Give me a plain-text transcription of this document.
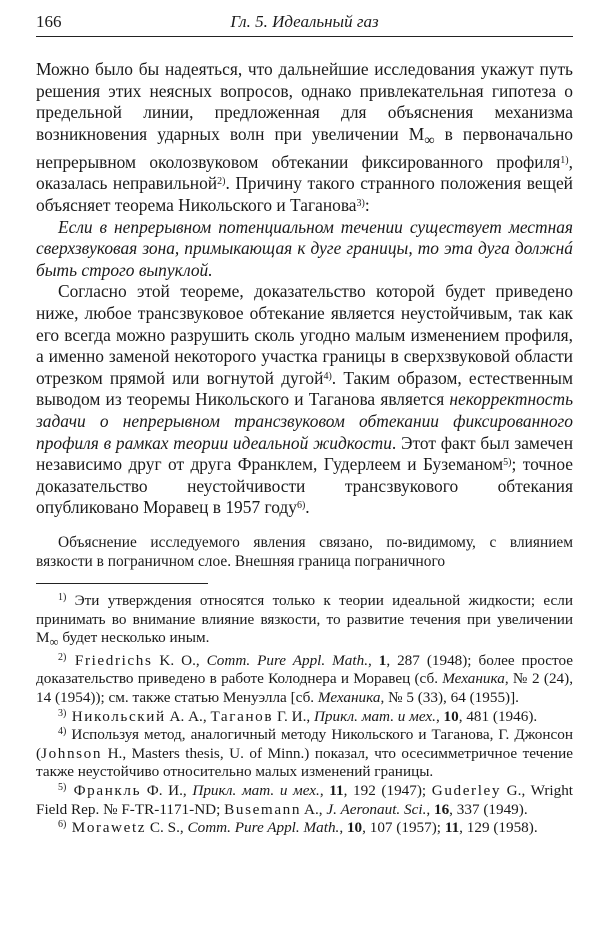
166	Гл. 5. Идеальный газ

Можно было бы надеяться, что дальнейшие исследования укажут путь решения этих неясных вопросов, однако привлекательная гипотеза о предельной линии, предложенная для объяснения механизма возникновения ударных волн при увеличении $M_\infty$ в первоначально непрерывном околозвуковом обтекании фиксированного профиля$^{1)}$, оказалась неправильной$^{2)}$. Причину такого странного положения вещей объясняет теорема Никольского и Таганова$^{3)}$:

Если в непрерывном потенциальном течении существует местная сверхзвуковая зона, примыкающая к дуге границы, то эта дуга должнá быть строго выпуклой.

Согласно этой теореме, доказательство которой будет приведено ниже, любое трансзвуковое обтекание является неустойчивым, так как его всегда можно разрушить сколь угодно малым изменением профиля, а именно заменой некоторого участка границы в сверхзвуковой области отрезком прямой или вогнутой дугой$^{4)}$. Таким образом, естественным выводом из теоремы Никольского и Таганова является некорректность задачи о непрерывном трансзвуковом обтекании фиксированного профиля в рамках теории идеальной жидкости. Этот факт был замечен независимо друг от друга Франклем, Гудерлеем и Буземаном$^{5)}$; точное доказательство неустойчивости трансзвукового обтекания опубликовано Моравец в 1957 году$^{6)}$.

Объяснение исследуемого явления связано, по-видимому, с влиянием вязкости в пограничном слое. Внешняя граница пограничного

$^{1)}$ Эти утверждения относятся только к теории идеальной жидкости; если принимать во внимание влияние вязкости, то развитие течения при увеличении $M_\infty$ будет несколько иным.

$^{2)}$ Friedrichs K. O., Comm. Pure Appl. Math., 1, 287 (1948); более простое доказательство приведено в работе Колоднера и Моравец (сб. Механика, № 2 (24), 14 (1954)); см. также статью Менуэлла [сб. Механика, № 5 (33), 64 (1955)].

$^{3)}$ Никольский А. А., Таганов Г. И., Прикл. мат. и мех., 10, 481 (1946).

$^{4)}$ Используя метод, аналогичный методу Никольского и Таганова, Г. Джонсон (Johnson H., Masters thesis, U. of Minn.) показал, что осесимметричное течение также неустойчиво относительно малых изменений границы.

$^{5)}$ Франкль Ф. И., Прикл. мат. и мех., 11, 192 (1947); Guderley G., Wright Field Rep. № F-TR-1171-ND; Busemann A., J. Aeronaut. Sci., 16, 337 (1949).

$^{6)}$ Morawetz C. S., Comm. Pure Appl. Math., 10, 107 (1957); 11, 129 (1958).
